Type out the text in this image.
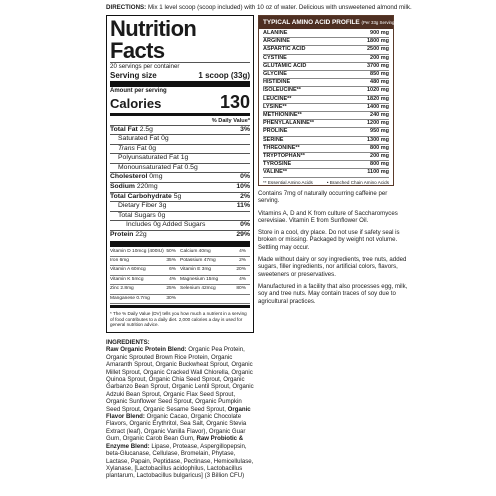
DIRECTIONS: Mix 1 level scoop (scoop included) with 10 oz of water. Delicious with unsweetened almond milk.
Nutrition Facts
20 servings per container
Serving size	1 scoop (33g)
Amount per serving
Calories	130
% Daily Value*
Total Fat 2.5g	3%
Saturated Fat 0g
Trans Fat 0g
Polyunsaturated Fat 1g
Monounsaturated Fat 0.5g
Cholesterol 0mg	0%
Sodium 220mg	10%
Total Carbohydrate 5g	2%
Dietary Fiber 3g	11%
Total Sugars 0g
Includes 0g Added Sugars	0%
Protein 22g	29%
Vitamin D 10mcg (400IU) 50% Calcium 40mg	4%
Iron 6mg	35% Potassium 47mg	2%
Vitamin A 60mcg	6% Vitamin E 3mg	20%
Vitamin K 5mcg	4% Magnesium 15mg	4%
Zinc 2.8mg	25% Selenium 42mcg	80%
Manganese 0.7mg	30%
* The % Daily Value (DV) tells you how much a nutrient in a serving of food contributes to a daily diet. 2,000 calories a day is used for general nutrition advice.
TYPICAL AMINO ACID PROFILE (Per 33g Serving)
ALANINE	900 mg
ARGININE	1800 mg
ASPARTIC ACID	2500 mg
CYSTINE	200 mg
GLUTAMIC ACID	3700 mg
GLYCINE	850 mg
HISTIDINE	480 mg
ISOLEUCINE**	1020 mg
LEUCINE**	1820 mg
LYSINE**	1400 mg
METHIONINE**	240 mg
PHENYLALANINE**	1200 mg
PROLINE	950 mg
SERINE	1300 mg
THREONINE**	800 mg
TRYPTOPHAN**	200 mg
TYROSINE	800 mg
VALINE**	1100 mg
** Essential Amino Acids	• Branched Chain Amino Acids

Contains 7mg of naturally occurring caffeine per serving.

Vitamins A, D and K from culture of Saccharomyces cerevisiae. Vitamin E from Sunflower Oil.

Store in a cool, dry place. Do not use if safety seal is broken or missing. Packaged by weight not volume. Settling may occur.

Made without dairy or soy ingredients, tree nuts, added sugars, filler ingredients, nor artificial colors, flavors, sweeteners or preservatives.

Manufactured in a facility that also processes egg, milk, soy and tree nuts. May contain traces of soy due to agricultural practices.

INGREDIENTS:

Raw Organic Protein Blend: Organic Pea Protein, Organic Sprouted Brown Rice Protein, Organic Amaranth Sprout, Organic Buckwheat Sprout, Organic Millet Sprout, Organic Cracked Wall Chlorella, Organic Quinoa Sprout, Organic Chia Seed Sprout, Organic Garbanzo Bean Sprout, Organic Lentil Sprout, Organic Adzuki Bean Sprout, Organic Flax Seed Sprout, Organic Sunflower Seed Sprout, Organic Pumpkin Seed Sprout, Organic Sesame Seed Sprout, Organic Flavor Blend: Organic Cacao, Organic Chocolate Flavors, Organic Erythritol, Sea Salt, Organic Stevia Extract (leaf), Organic Vanilla Flavor), Organic Guar Gum, Organic Carob Bean Gum, Raw Probiotic & Enzyme Blend: Lipase, Protease, Aspergillopepsin, beta-Glucanase, Cellulase, Bromelain, Phytase, Lactase, Papain, Peptidase, Pectinase, Hemicellulase, Xylanase, [Lactobacillus acidophilus, Lactobacillus plantarum, Lactobacillus bulgaricus] (3 Billion CFU)
